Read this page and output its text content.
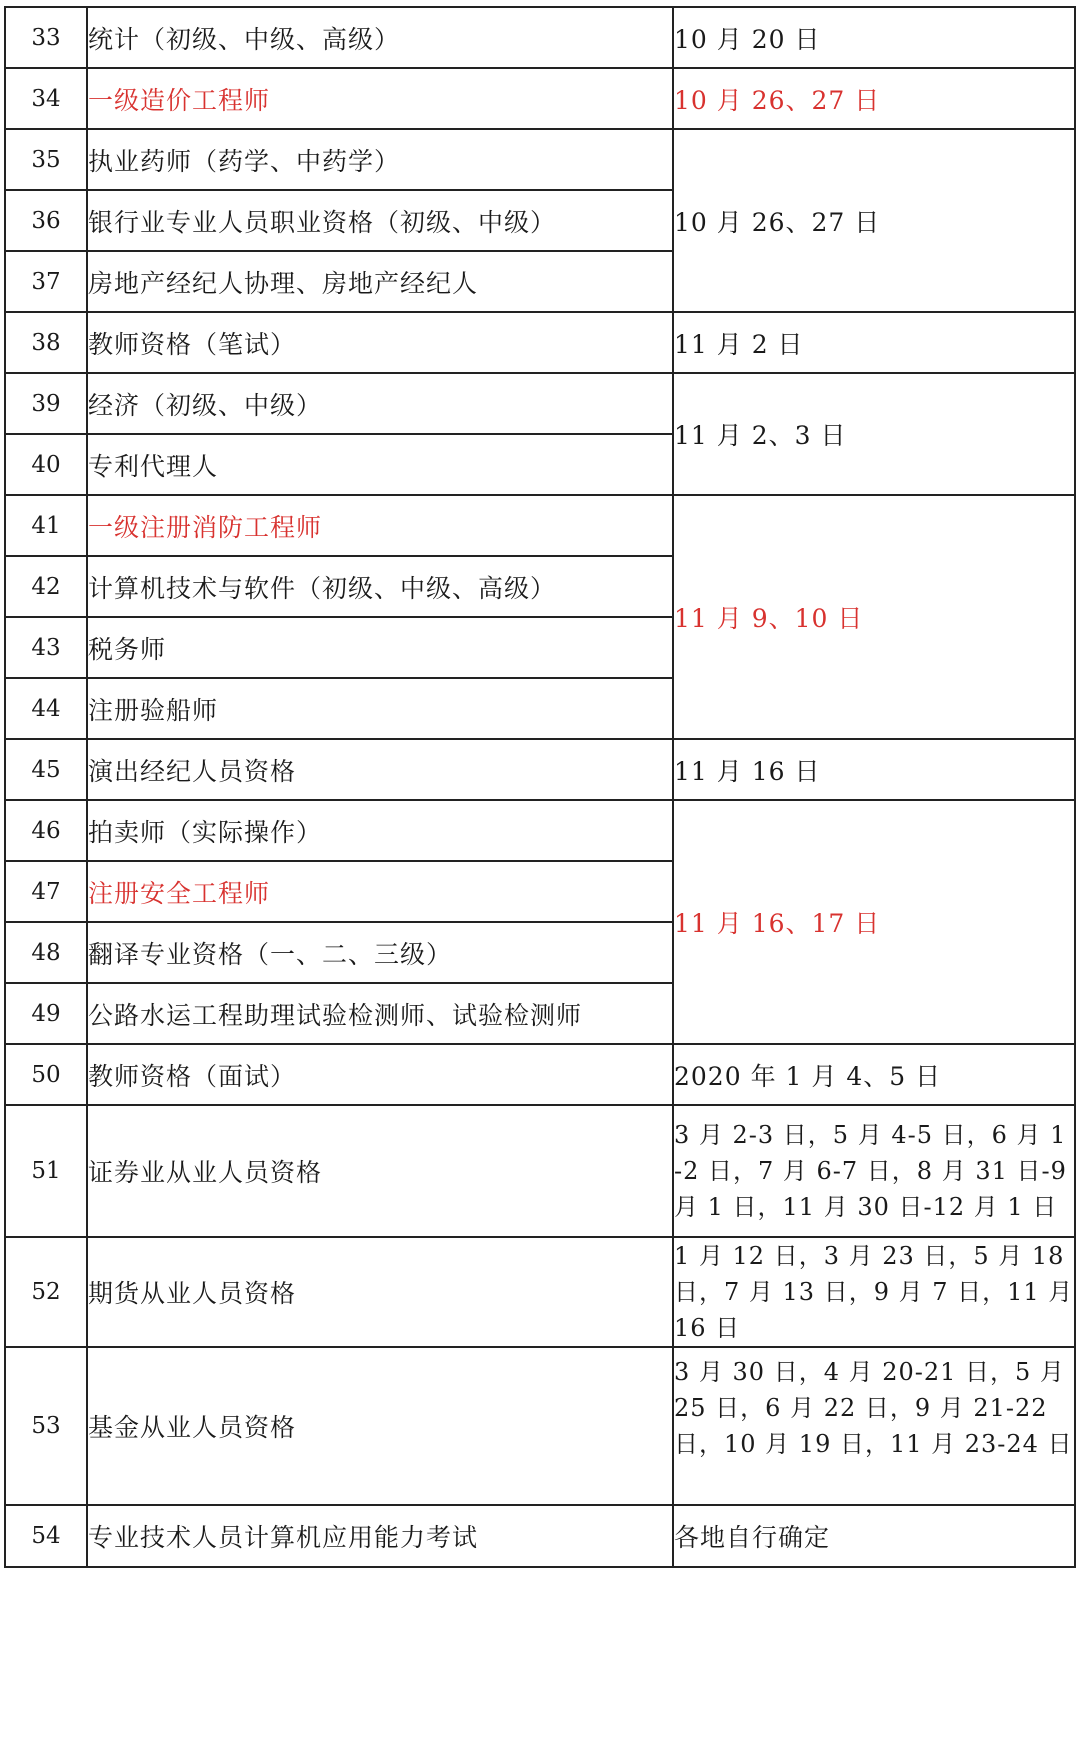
33	统计（初级、中级、高级）	10 月 20 日
34	一级造价工程师	10 月 26、27 日
35	执业药师（药学、中药学）	10 月 26、27 日
36	银行业专业人员职业资格（初级、中级）	
37	房地产经纪人协理、房地产经纪人	
38	教师资格（笔试）	11 月 2 日
39	经济（初级、中级）	11 月 2、3 日
40	专利代理人	
41	一级注册消防工程师	11 月 9、10 日
42	计算机技术与软件（初级、中级、高级）	
43	税务师	
44	注册验船师	
45	演出经纪人员资格	11 月 16 日
46	拍卖师（实际操作）	11 月 16、17 日
47	注册安全工程师	
48	翻译专业资格（一、二、三级）	
49	公路水运工程助理试验检测师、试验检测师	
50	教师资格（面试）	2020 年 1 月 4、5 日
51	证券业从业人员资格	3 月 2-3 日，5 月 4-5 日，6 月 1-2 日，7 月 6-7 日，8 月 31 日-9 月 1 日，11 月 30 日-12 月 1 日
52	期货从业人员资格	1 月 12 日，3 月 23 日，5 月 18 日，7 月 13 日，9 月 7 日，11 月 16 日
53	基金从业人员资格	3 月 30 日，4 月 20-21 日，5 月 25 日，6 月 22 日，9 月 21-22 日，10 月 19 日，11 月 23-24 日
54	专业技术人员计算机应用能力考试	各地自行确定
